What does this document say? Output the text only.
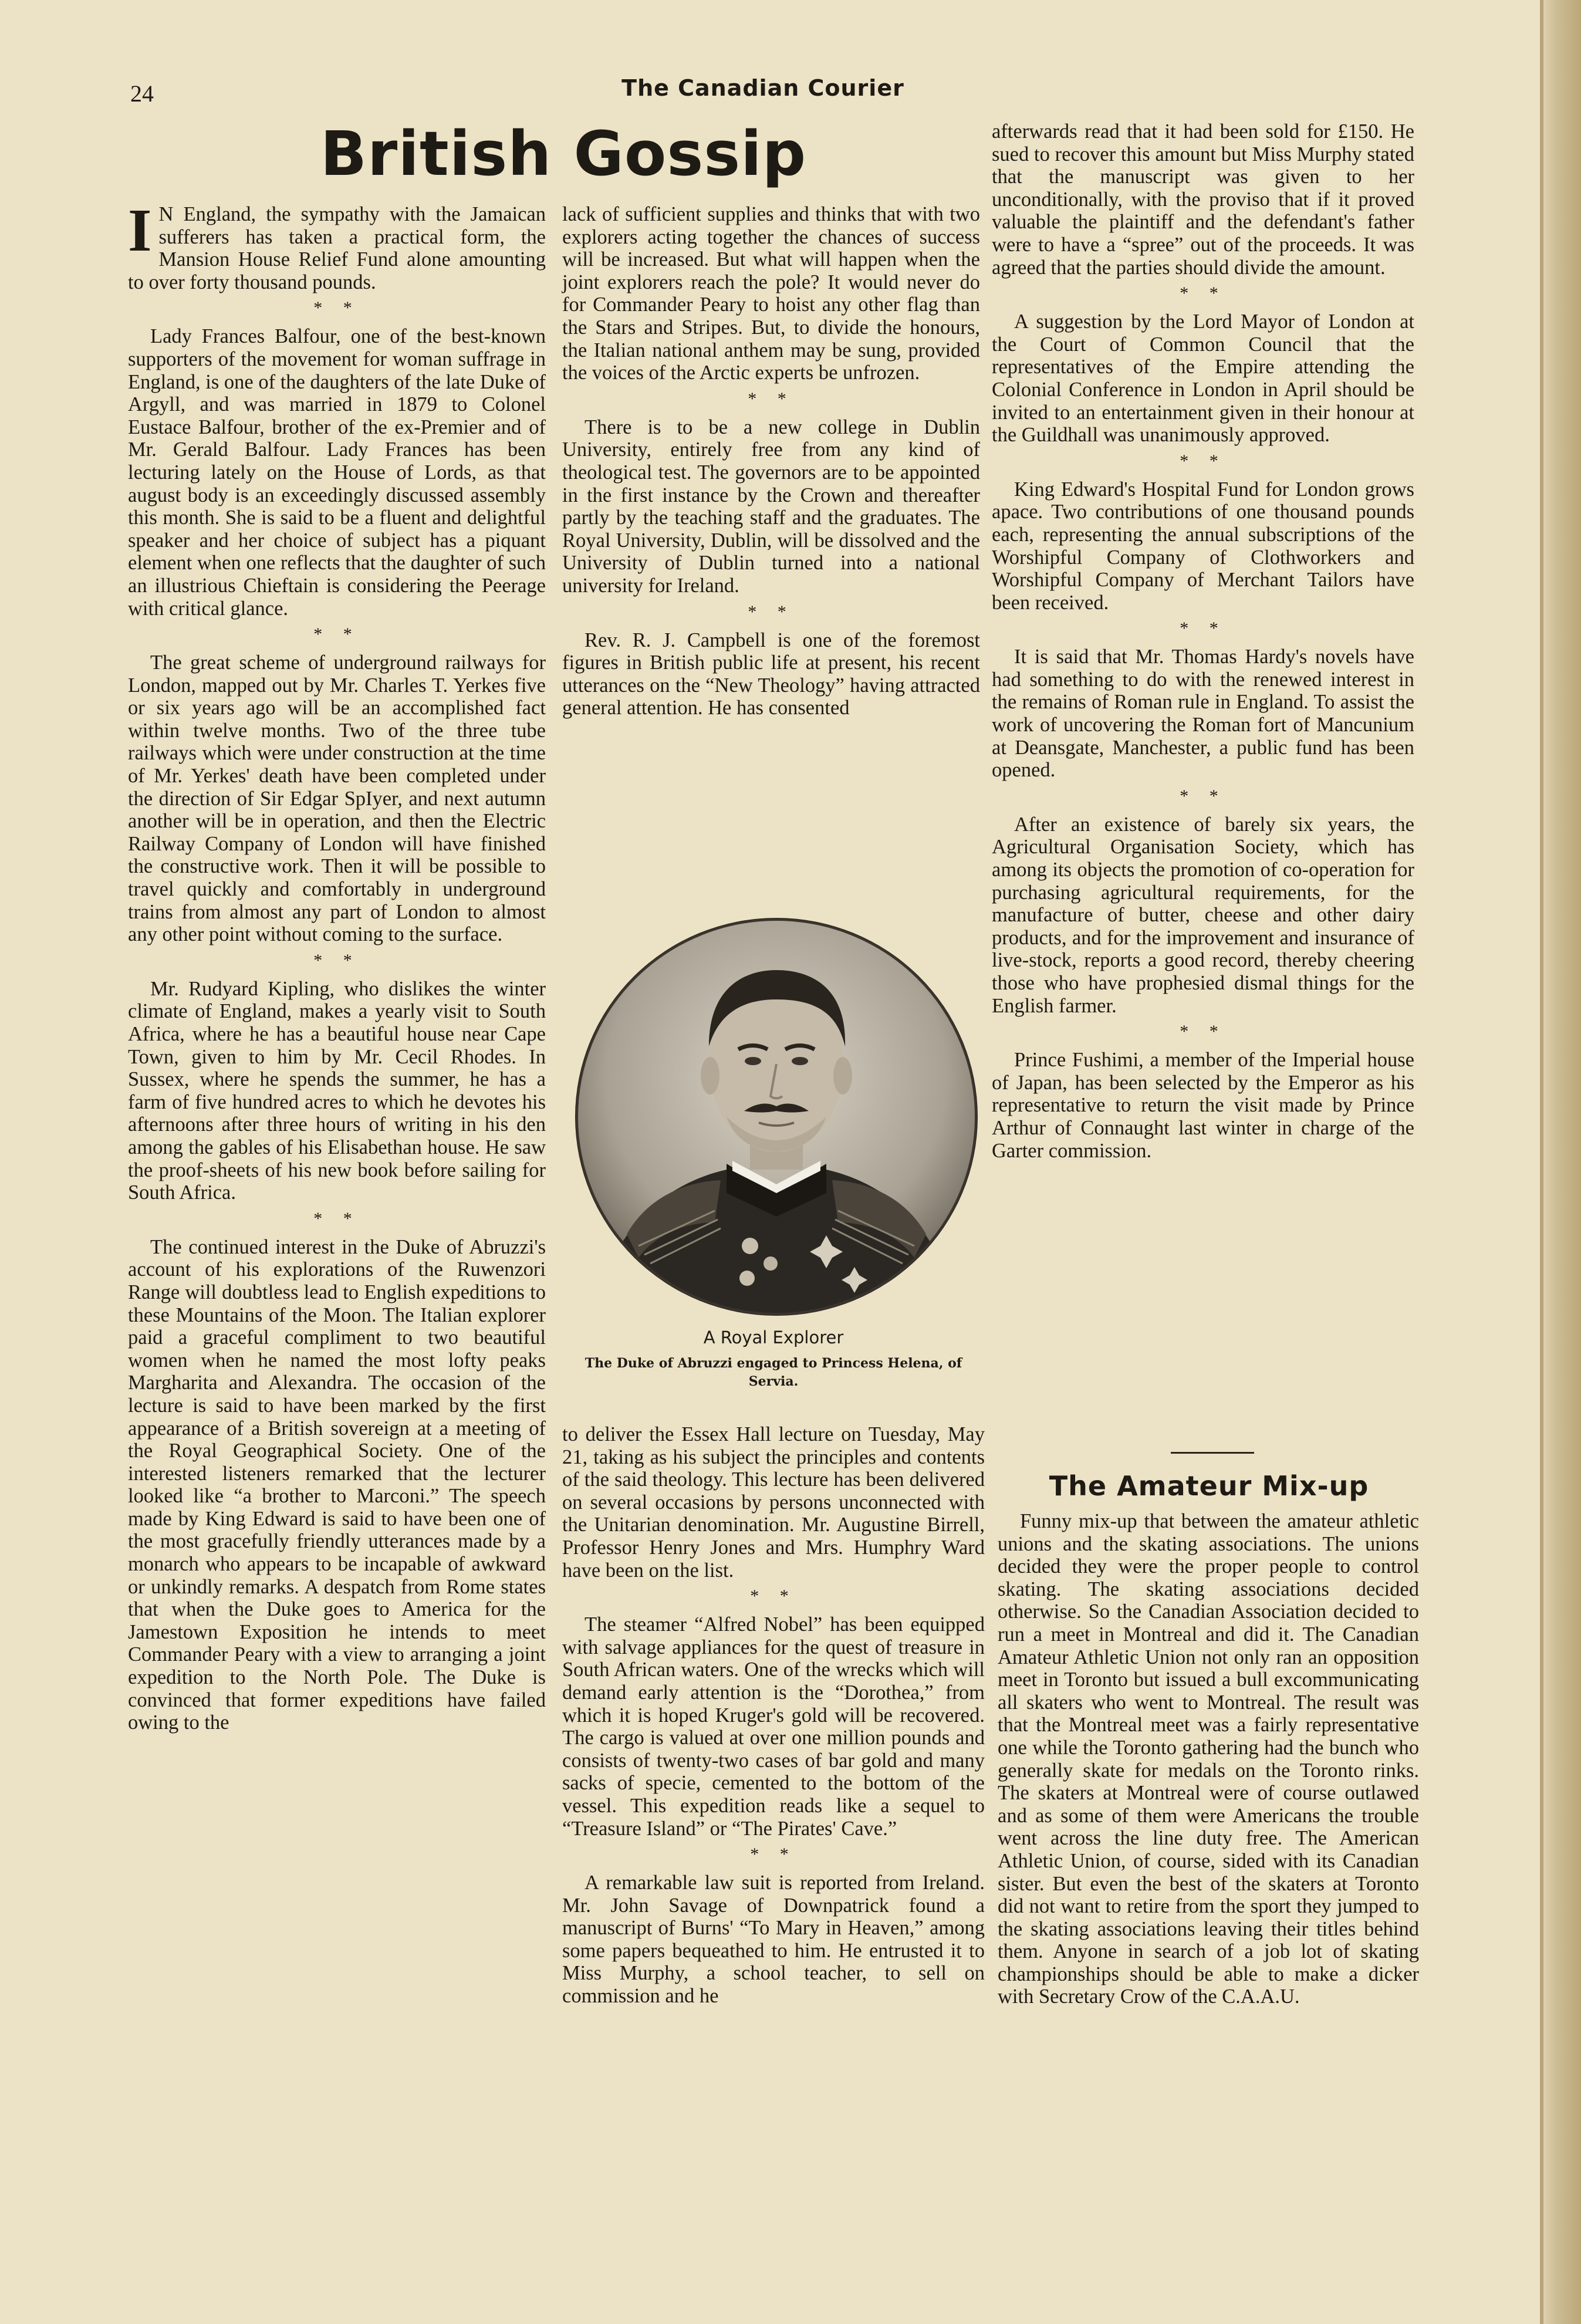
24	The Canadian Courier
British Gossip

I N England, the sympathy with the Jamaican sufferers has taken a practical form, the Mansion House Relief Fund alone amounting to over forty thousand pounds.

* *

Lady Frances Balfour, one of the best-known supporters of the movement for woman suffrage in England, is one of the daughters of the late Duke of Argyll, and was married in 1879 to Colonel Eustace Balfour, brother of the ex-Premier and of Mr. Gerald Balfour. Lady Frances has been lecturing lately on the House of Lords, as that august body is an exceedingly discussed assembly this month. She is said to be a fluent and delightful speaker and her choice of subject has a piquant element when one reflects that the daughter of such an illustrious Chieftain is considering the Peerage with critical glance.

* *

The great scheme of underground railways for London, mapped out by Mr. Charles T. Yerkes five or six years ago will be an accomplished fact within twelve months. Two of the three tube railways which were under construction at the time of Mr. Yerkes' death have been completed under the direction of Sir Edgar SpIyer, and next autumn another will be in operation, and then the Electric Railway Company of London will have finished the constructive work. Then it will be possible to travel quickly and comfortably in underground trains from almost any part of London to almost any other point without coming to the surface.

* *

Mr. Rudyard Kipling, who dislikes the winter climate of England, makes a yearly visit to South Africa, where he has a beautiful house near Cape Town, given to him by Mr. Cecil Rhodes. In Sussex, where he spends the summer, he has a farm of five hundred acres to which he devotes his afternoons after three hours of writing in his den among the gables of his Elisabethan house. He saw the proof-sheets of his new book before sailing for South Africa.

* *

The continued interest in the Duke of Abruzzi's account of his explorations of the Ruwenzori Range will doubtless lead to English expeditions to these Mountains of the Moon. The Italian explorer paid a graceful compliment to two beautiful women when he named the most lofty peaks Margharita and Alexandra. The occasion of the lecture is said to have been marked by the first appearance of a British sovereign at a meeting of the Royal Geographical Society. One of the interested listeners remarked that the lecturer looked like “a brother to Marconi.” The speech made by King Edward is said to have been one of the most gracefully friendly utterances made by a monarch who appears to be incapable of awkward or unkindly remarks. A despatch from Rome states that when the Duke goes to America for the Jamestown Exposition he intends to meet Commander Peary with a view to arranging a joint expedition to the North Pole. The Duke is convinced that former expeditions have failed owing to the

lack of sufficient supplies and thinks that with two explorers acting together the chances of success will be increased. But what will happen when the joint explorers reach the pole? It would never do for Commander Peary to hoist any other flag than the Stars and Stripes. But, to divide the honours, the Italian national anthem may be sung, provided the voices of the Arctic experts be unfrozen.

* *

There is to be a new college in Dublin University, entirely free from any kind of theological test. The governors are to be appointed in the first instance by the Crown and thereafter partly by the teaching staff and the graduates. The Royal University, Dublin, will be dissolved and the University of Dublin turned into a national university for Ireland.

* *

Rev. R. J. Campbell is one of the foremost figures in British public life at present, his recent utterances on the “New Theology” having attracted general attention. He has consented

A Royal Explorer
The Duke of Abruzzi engaged to Princess Helena, of Servia.

to deliver the Essex Hall lecture on Tuesday, May 21, taking as his subject the principles and contents of the said theology. This lecture has been delivered on several occasions by persons unconnected with the Unitarian denomination. Mr. Augustine Birrell, Professor Henry Jones and Mrs. Humphry Ward have been on the list.

* *

The steamer “Alfred Nobel” has been equipped with salvage appliances for the quest of treasure in South African waters. One of the wrecks which will demand early attention is the “Dorothea,” from which it is hoped Kruger's gold will be recovered. The cargo is valued at over one million pounds and consists of twenty-two cases of bar gold and many sacks of specie, cemented to the bottom of the vessel. This expedition reads like a sequel to “Treasure Island” or “The Pirates' Cave.”

* *

A remarkable law suit is reported from Ireland. Mr. John Savage of Downpatrick found a manuscript of Burns' “To Mary in Heaven,” among some papers bequeathed to him. He entrusted it to Miss Murphy, a school teacher, to sell on commission and he

afterwards read that it had been sold for £150. He sued to recover this amount but Miss Murphy stated that the manuscript was given to her unconditionally, with the proviso that if it proved valuable the plaintiff and the defendant's father were to have a “spree” out of the proceeds. It was agreed that the parties should divide the amount.

* *

A suggestion by the Lord Mayor of London at the Court of Common Council that the representatives of the Empire attending the Colonial Conference in London in April should be invited to an entertainment given in their honour at the Guildhall was unanimously approved.

* *

King Edward's Hospital Fund for London grows apace. Two contributions of one thousand pounds each, representing the annual subscriptions of the Worshipful Company of Clothworkers and Worshipful Company of Merchant Tailors have been received.

* *

It is said that Mr. Thomas Hardy's novels have had something to do with the renewed interest in the remains of Roman rule in England. To assist the work of uncovering the Roman fort of Mancunium at Deansgate, Manchester, a public fund has been opened.

* *

After an existence of barely six years, the Agricultural Organisation Society, which has among its objects the promotion of co-operation for purchasing agricultural requirements, for the manufacture of butter, cheese and other dairy products, and for the improvement and insurance of live-stock, reports a good record, thereby cheering those who have prophesied dismal things for the English farmer.

* *

Prince Fushimi, a member of the Imperial house of Japan, has been selected by the Emperor as his representative to return the visit made by Prince Arthur of Connaught last winter in charge of the Garter commission.

The Amateur Mix-up

Funny mix-up that between the amateur athletic unions and the skating associations. The unions decided they were the proper people to control skating. The skating associations decided otherwise. So the Canadian Association decided to run a meet in Montreal and did it. The Canadian Amateur Athletic Union not only ran an opposition meet in Toronto but issued a bull excommunicating all skaters who went to Montreal. The result was that the Montreal meet was a fairly representative one while the Toronto gathering had the bunch who generally skate for medals on the Toronto rinks. The skaters at Montreal were of course outlawed and as some of them were Americans the trouble went across the line duty free. The American Athletic Union, of course, sided with its Canadian sister. But even the best of the skaters at Toronto did not want to retire from the sport they jumped to the skating associations leaving their titles behind them. Anyone in search of a job lot of skating championships should be able to make a dicker with Secretary Crow of the C.A.A.U.
